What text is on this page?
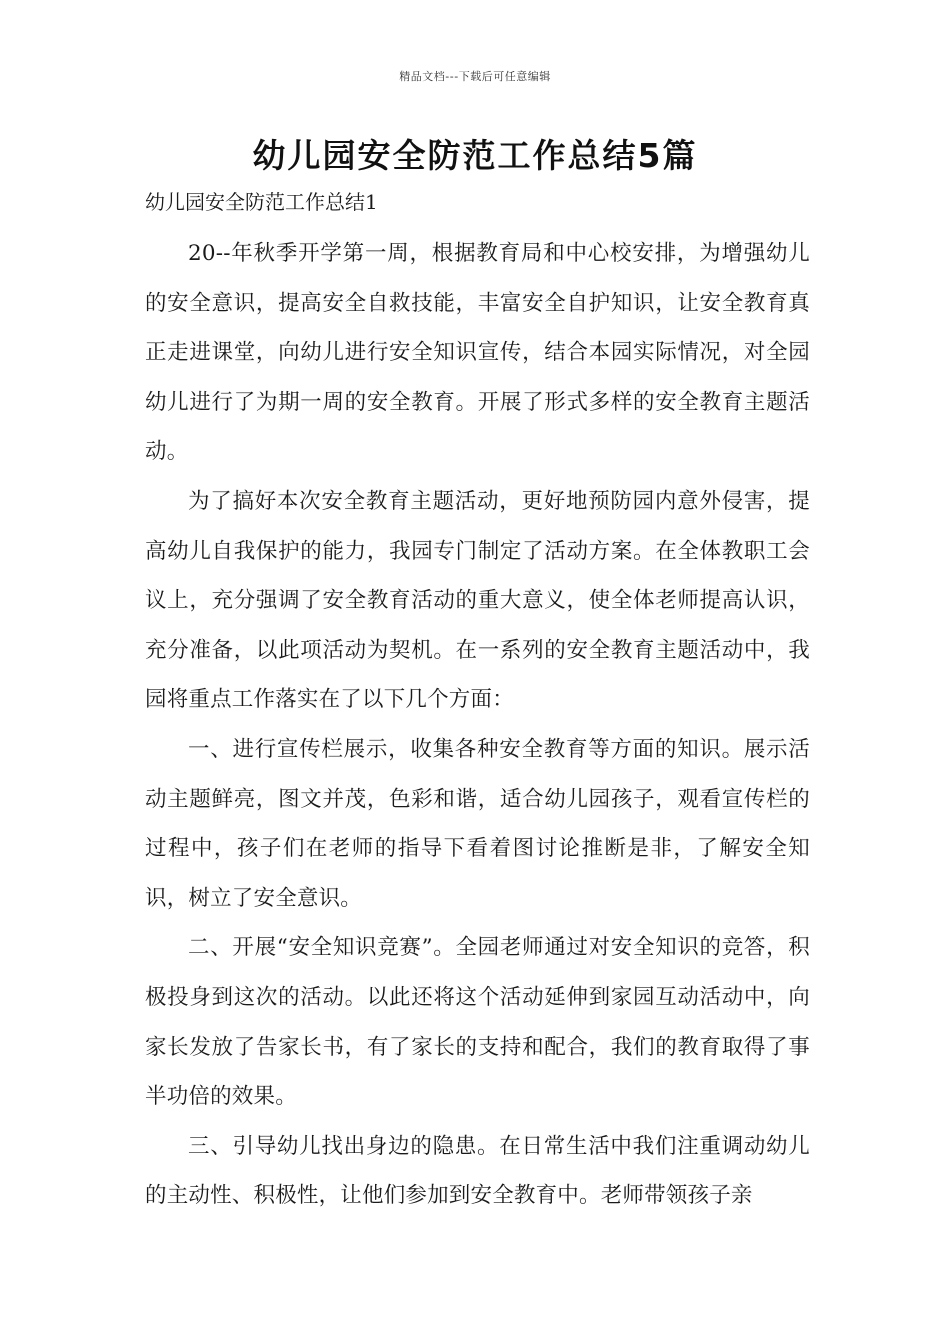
精品文档---下载后可任意编辑
幼儿园安全防范工作总结5篇
幼儿园安全防范工作总结1

20--年秋季开学第一周，根据教育局和中心校安排，为增强幼儿的安全意识，提高安全自救技能，丰富安全自护知识，让安全教育真正走进课堂，向幼儿进行安全知识宣传，结合本园实际情况，对全园幼儿进行了为期一周的安全教育。开展了形式多样的安全教育主题活动。

为了搞好本次安全教育主题活动，更好地预防园内意外侵害，提高幼儿自我保护的能力，我园专门制定了活动方案。在全体教职工会议上，充分强调了安全教育活动的重大意义，使全体老师提高认识，充分准备，以此项活动为契机。在一系列的安全教育主题活动中，我园将重点工作落实在了以下几个方面：

一、进行宣传栏展示，收集各种安全教育等方面的知识。展示活动主题鲜亮，图文并茂，色彩和谐，适合幼儿园孩子，观看宣传栏的过程中，孩子们在老师的指导下看着图讨论推断是非，了解安全知识，树立了安全意识。

二、开展“安全知识竞赛”。全园老师通过对安全知识的竞答，积极投身到这次的活动。以此还将这个活动延伸到家园互动活动中，向家长发放了告家长书，有了家长的支持和配合，我们的教育取得了事半功倍的效果。

三、引导幼儿找出身边的隐患。在日常生活中我们注重调动幼儿的主动性、积极性，让他们参加到安全教育中。老师带领孩子亲
